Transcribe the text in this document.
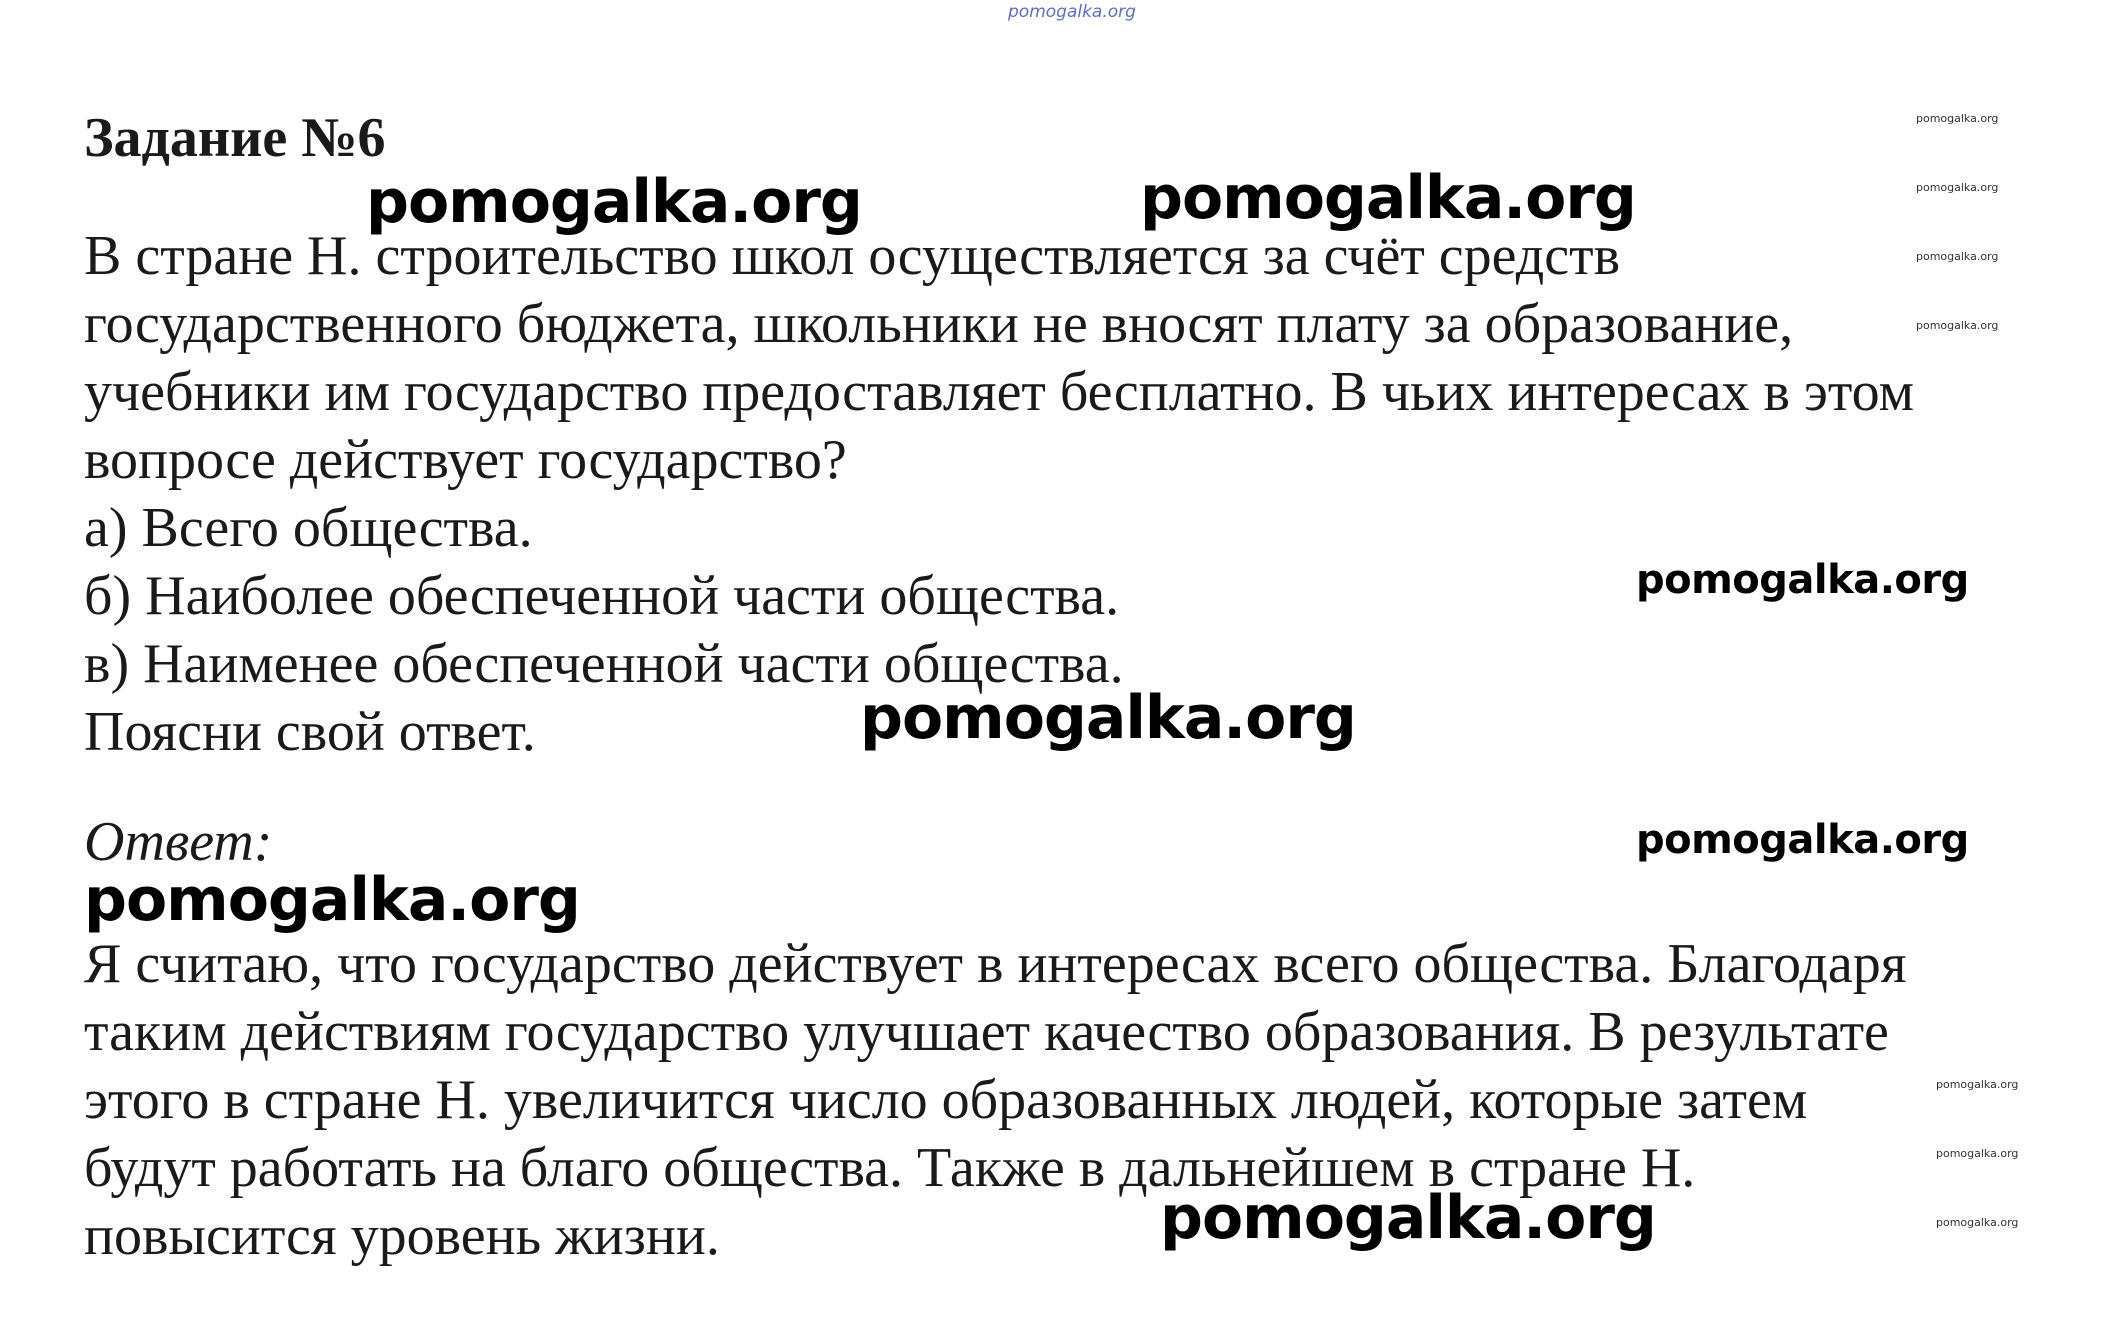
pomogalka.org
Задание №6
В стране Н. строительство школ осуществляется за счёт средств
государственного бюджета, школьники не вносят плату за образование,
учебники им государство предоставляет бесплатно. В чьих интересах в этом
вопросе действует государство?
а) Всего общества.
б) Наиболее обеспеченной части общества.
в) Наименее обеспеченной части общества.
Поясни свой ответ.
Ответ:
Я считаю, что государство действует в интересах всего общества. Благодаря
таким действиям государство улучшает качество образования. В результате
этого в стране Н. увеличится число образованных людей, которые затем
будут работать на благо общества. Также в дальнейшем в стране Н.
повысится уровень жизни.
pomogalka.org	pomogalka.org
pomogalka.org
pomogalka.org
pomogalka.org
pomogalka.org
pomogalka.org
pomogalka.org
pomogalka.org
pomogalka.org
pomogalka.org
pomogalka.org
pomogalka.org
pomogalka.org
